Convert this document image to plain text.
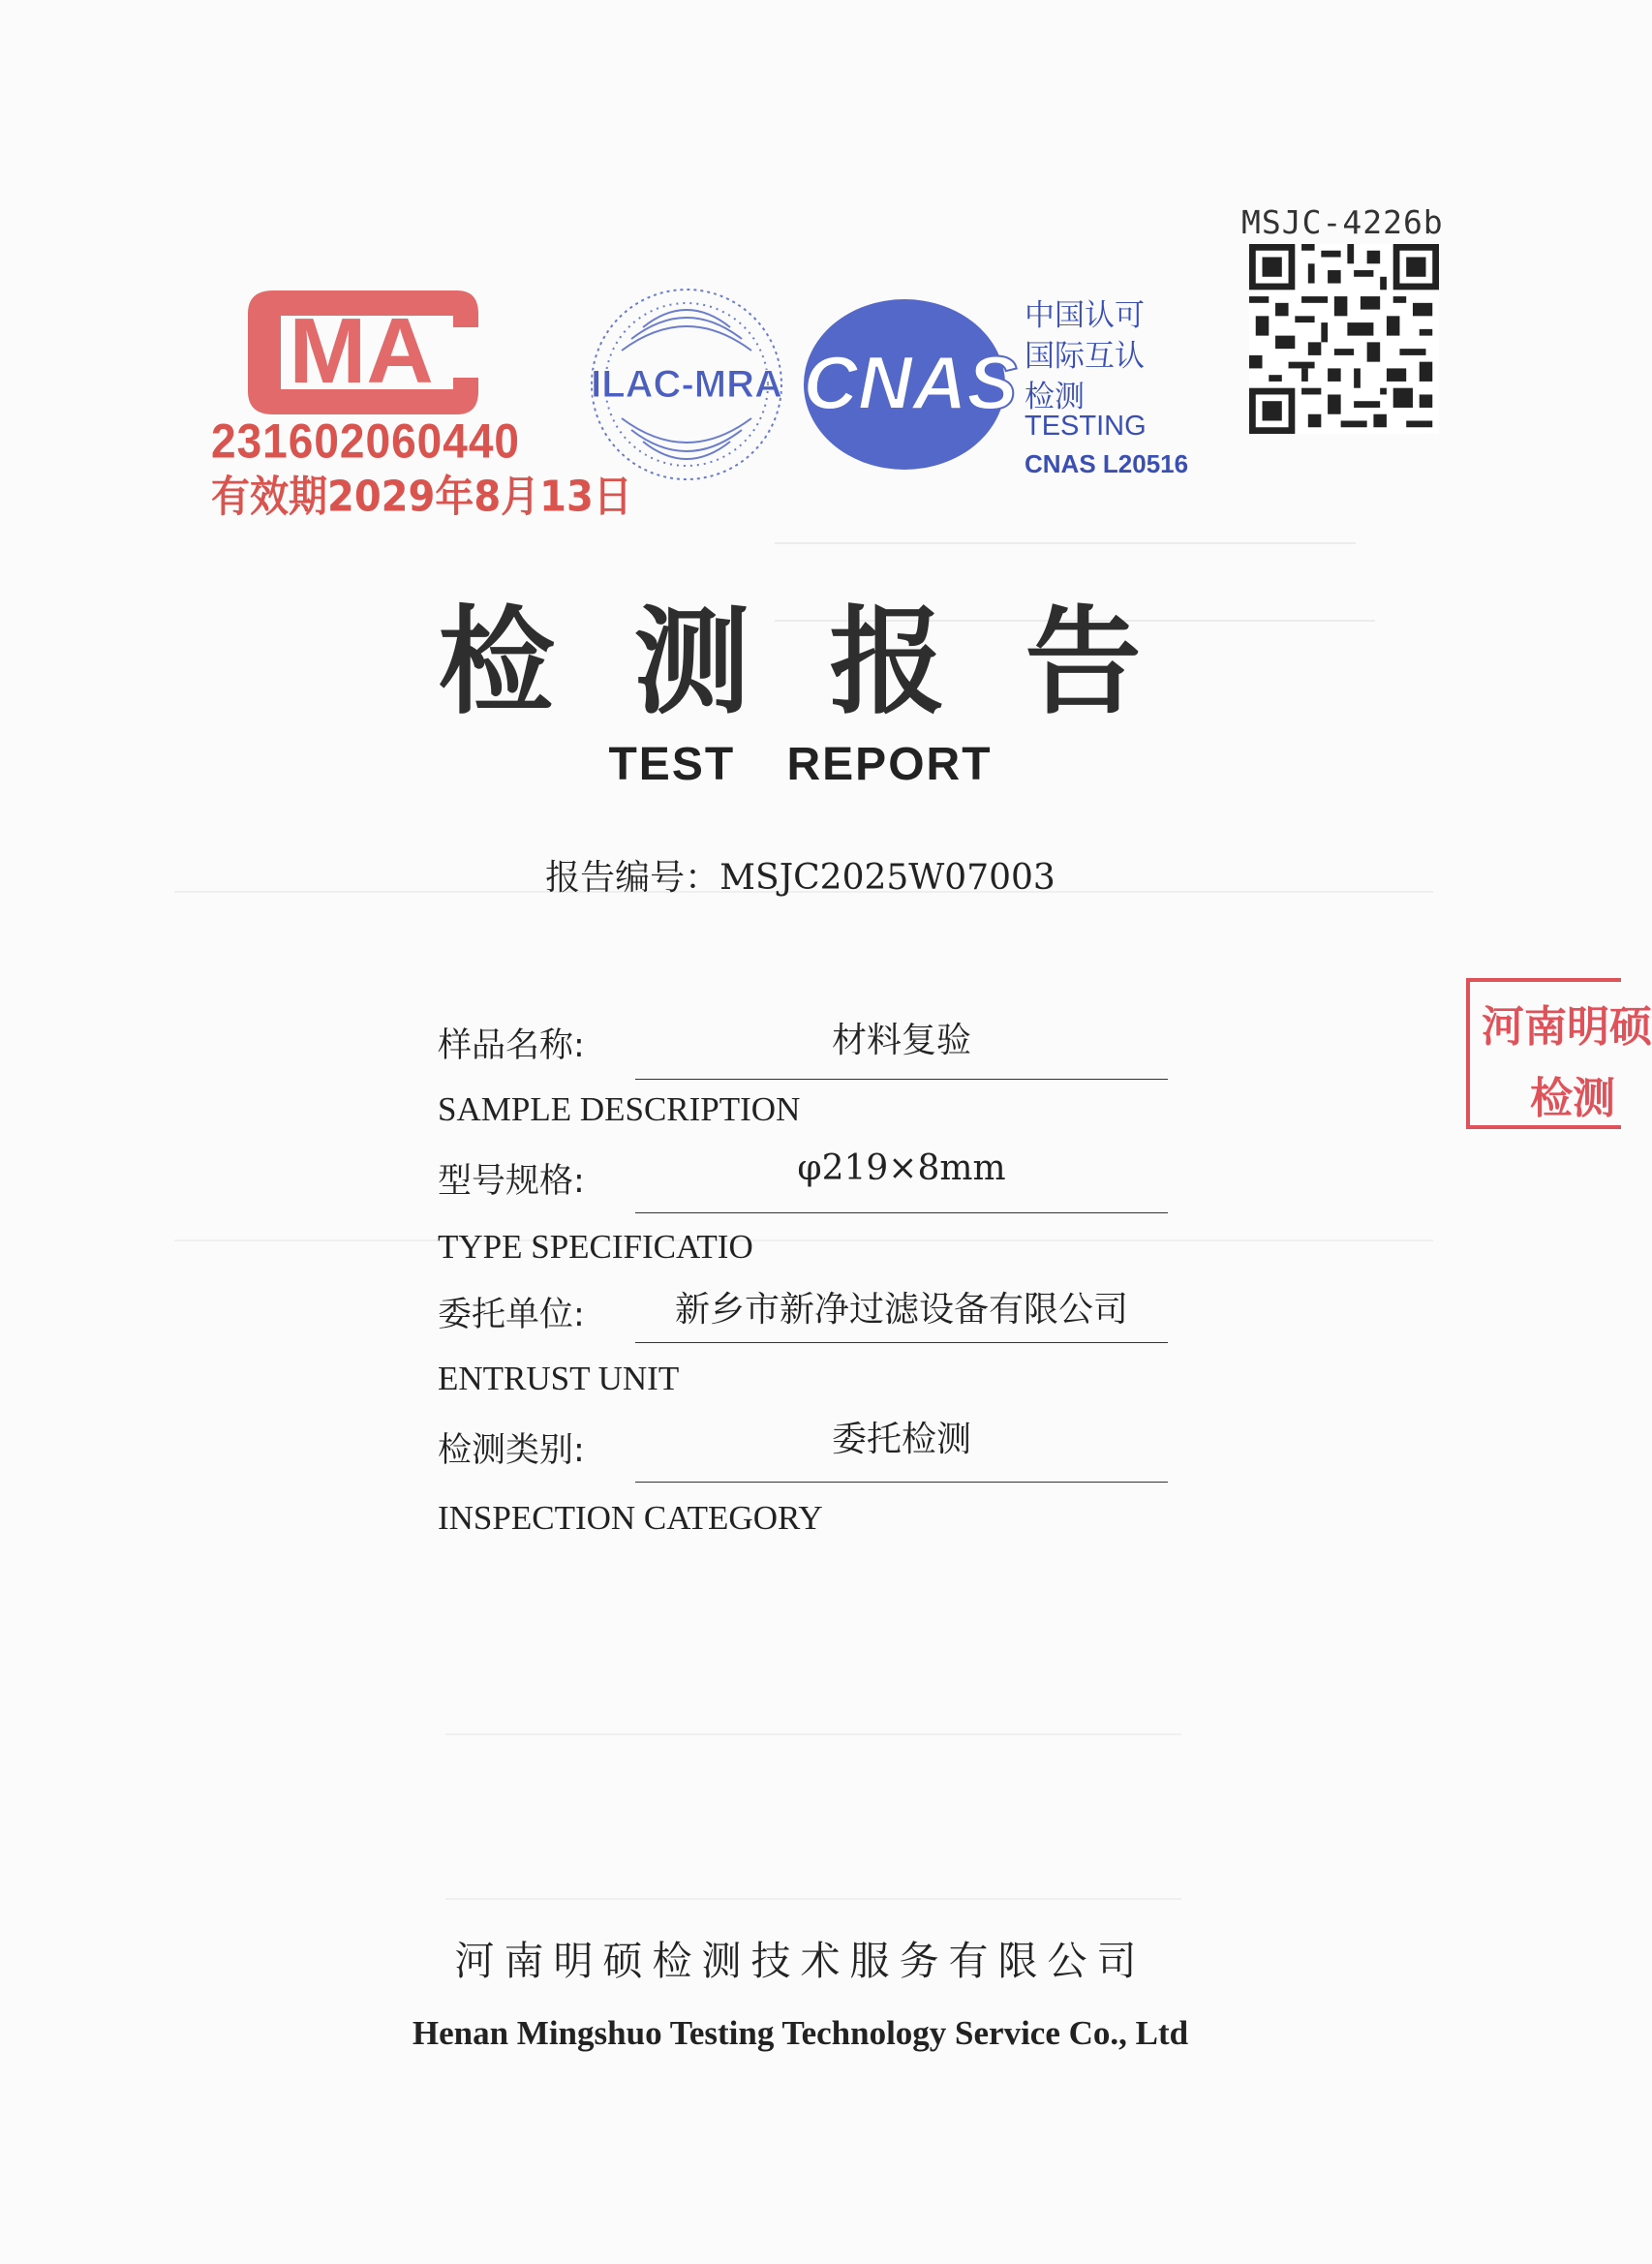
MSJC-4226b
MA
231602060440
有效期2029年8月13日
ILAC-MRA CNAS
中国认可
国际互认
检测
TESTING
CNAS L20516
检测报告
TEST REPORT
报告编号：MSJC2025W07003
样品名称:	材料复验
SAMPLE DESCRIPTION
型号规格:	φ219×8mm
TYPE SPECIFICATIO
委托单位:	新乡市新净过滤设备有限公司
ENTRUST UNIT
检测类别:	委托检测
INSPECTION CATEGORY
河南明硕
检测
河南明硕检测技术服务有限公司
Henan Mingshuo Testing Technology Service Co., Ltd
